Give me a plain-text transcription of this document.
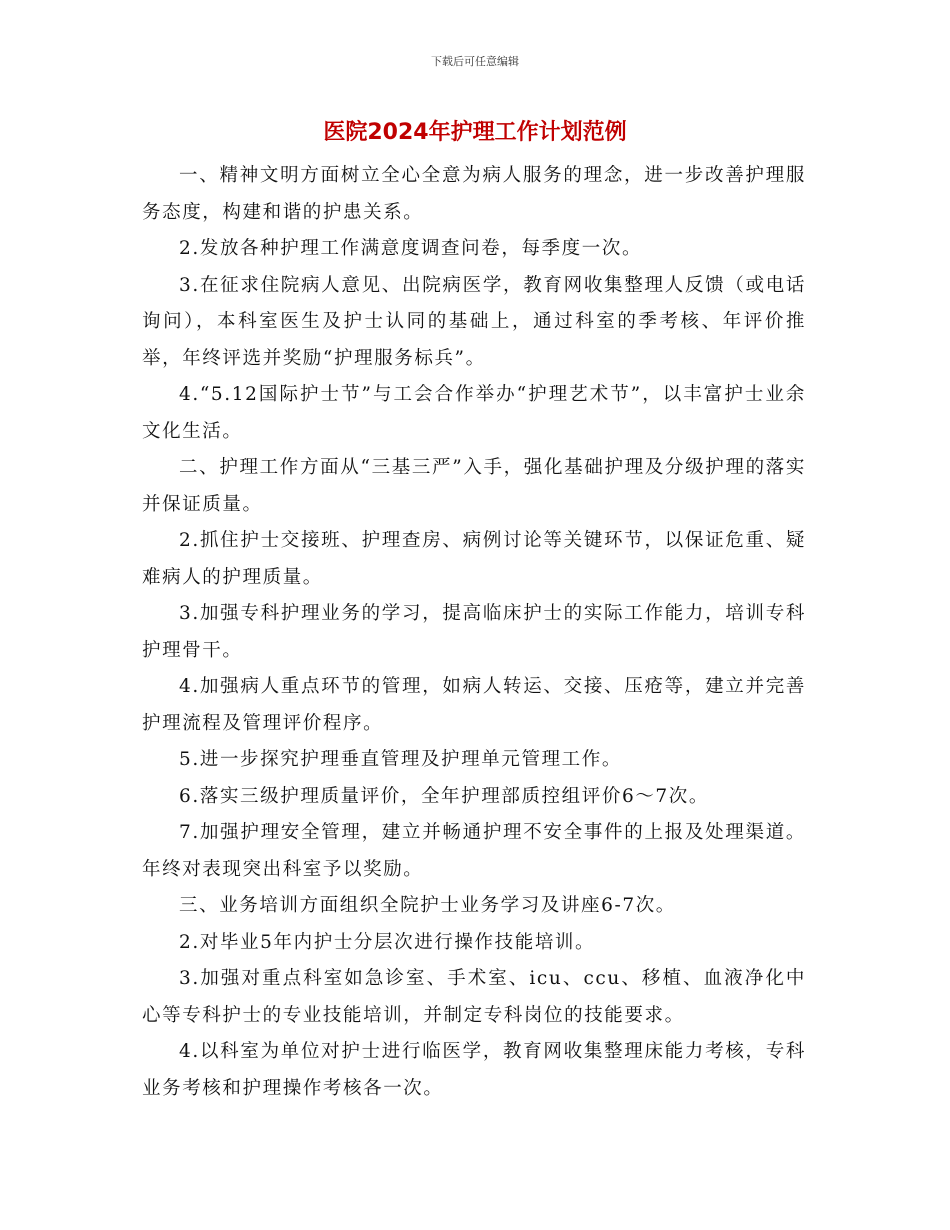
下载后可任意编辑
医院2024年护理工作计划范例

一、精神文明方面树立全心全意为病人服务的理念，进一步改善护理服务态度，构建和谐的护患关系。

2.发放各种护理工作满意度调查问卷，每季度一次。

3.在征求住院病人意见、出院病医学，教育网收集整理人反馈（或电话询问），本科室医生及护士认同的基础上，通过科室的季考核、年评价推举，年终评选并奖励“护理服务标兵”。

4.“5.12国际护士节”与工会合作举办“护理艺术节”，以丰富护士业余文化生活。

二、护理工作方面从“三基三严”入手，强化基础护理及分级护理的落实并保证质量。

2.抓住护士交接班、护理查房、病例讨论等关键环节，以保证危重、疑难病人的护理质量。

3.加强专科护理业务的学习，提高临床护士的实际工作能力，培训专科护理骨干。

4.加强病人重点环节的管理，如病人转运、交接、压疮等，建立并完善护理流程及管理评价程序。

5.进一步探究护理垂直管理及护理单元管理工作。

6.落实三级护理质量评价，全年护理部质控组评价6～7次。

7.加强护理安全管理，建立并畅通护理不安全事件的上报及处理渠道。年终对表现突出科室予以奖励。

三、业务培训方面组织全院护士业务学习及讲座6-7次。

2.对毕业5年内护士分层次进行操作技能培训。

3.加强对重点科室如急诊室、手术室、icu、ccu、移植、血液净化中心等专科护士的专业技能培训，并制定专科岗位的技能要求。

4.以科室为单位对护士进行临医学，教育网收集整理床能力考核，专科业务考核和护理操作考核各一次。
